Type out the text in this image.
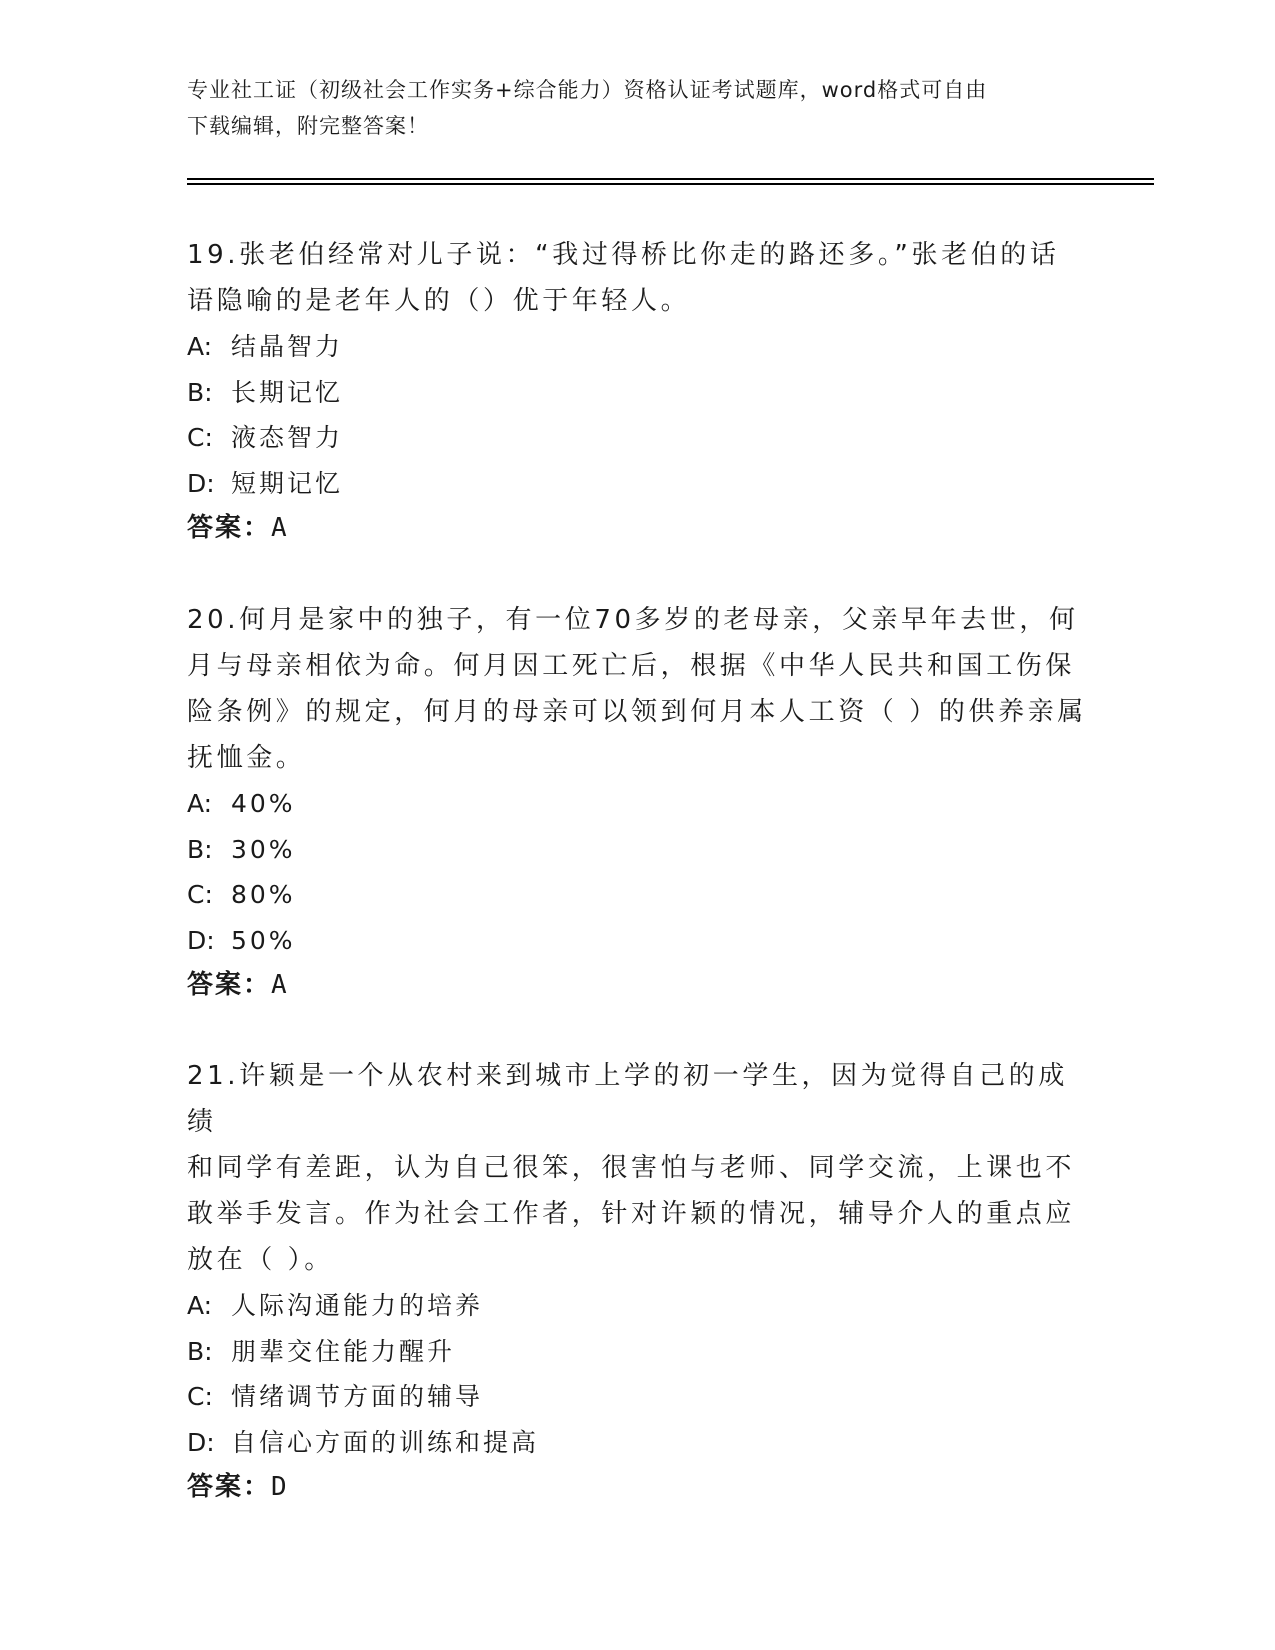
专业社工证（初级社会工作实务+综合能力）资格认证考试题库，word格式可自由
下载编辑，附完整答案！

19.张老伯经常对儿子说：“我过得桥比你走的路还多。”张老伯的话

语隐喻的是老年人的（）优于年轻人。

A: 结晶智力

B: 长期记忆

C: 液态智力

D: 短期记忆

答案：A

20.何月是家中的独子，有一位70多岁的老母亲，父亲早年去世，何

月与母亲相依为命。何月因工死亡后，根据《中华人民共和国工伤保

险条例》的规定，何月的母亲可以领到何月本人工资（ ）的供养亲属

抚恤金。

A: 40%

B: 30%

C: 80%

D: 50%

答案：A

21.许颖是一个从农村来到城市上学的初一学生，因为觉得自己的成绩

和同学有差距，认为自己很笨，很害怕与老师、同学交流，上课也不

敢举手发言。作为社会工作者，针对许颖的情况，辅导介人的重点应

放在（ ）。

A: 人际沟通能力的培养

B: 朋辈交住能力醒升

C: 情绪调节方面的辅导

D: 自信心方面的训练和提高

答案：D
